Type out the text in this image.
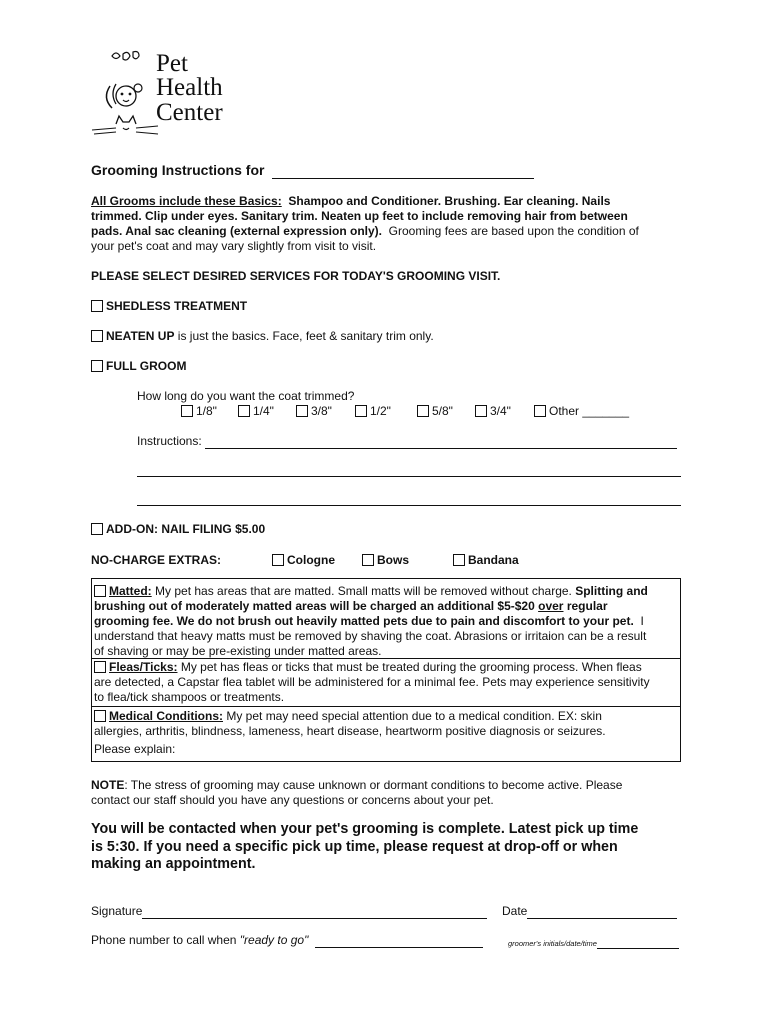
Pet
Health
Center
Grooming Instructions for
All Grooms include these Basics: Shampoo and Conditioner. Brushing. Ear cleaning. Nails
trimmed. Clip under eyes. Sanitary trim. Neaten up feet to include removing hair from between
pads. Anal sac cleaning (external expression only). Grooming fees are based upon the condition of
your pet's coat and may vary slightly from visit to visit.
PLEASE SELECT DESIRED SERVICES FOR TODAY'S GROOMING VISIT.
SHEDLESS TREATMENT
NEATEN UP is just the basics. Face, feet & sanitary trim only.
FULL GROOM
How long do you want the coat trimmed?
1/8"	1/4"	3/8"	1/2"	5/8"	3/4"	Other _______
Instructions:
ADD-ON: NAIL FILING $5.00
NO-CHARGE EXTRAS:	Cologne	Bows	Bandana
Matted: My pet has areas that are matted. Small matts will be removed without charge. Splitting and
brushing out of moderately matted areas will be charged an additional $5-$20 over regular
grooming fee. We do not brush out heavily matted pets due to pain and discomfort to your pet. I
understand that heavy matts must be removed by shaving the coat. Abrasions or irritaion can be a result
of shaving or may be pre-existing under matted areas.
Fleas/Ticks: My pet has fleas or ticks that must be treated during the grooming process. When fleas
are detected, a Capstar flea tablet will be administered for a minimal fee. Pets may experience sensitivity
to flea/tick shampoos or treatments.
Medical Conditions: My pet may need special attention due to a medical condition. EX: skin
allergies, arthritis, blindness, lameness, heart disease, heartworm positive diagnosis or seizures.
Please explain:
NOTE: The stress of grooming may cause unknown or dormant conditions to become active. Please
contact our staff should you have any questions or concerns about your pet.
You will be contacted when your pet's grooming is complete. Latest pick up time
is 5:30. If you need a specific pick up time, please request at drop-off or when
making an appointment.
Signature	Date
Phone number to call when "ready to go"	groomer's initials/date/time
